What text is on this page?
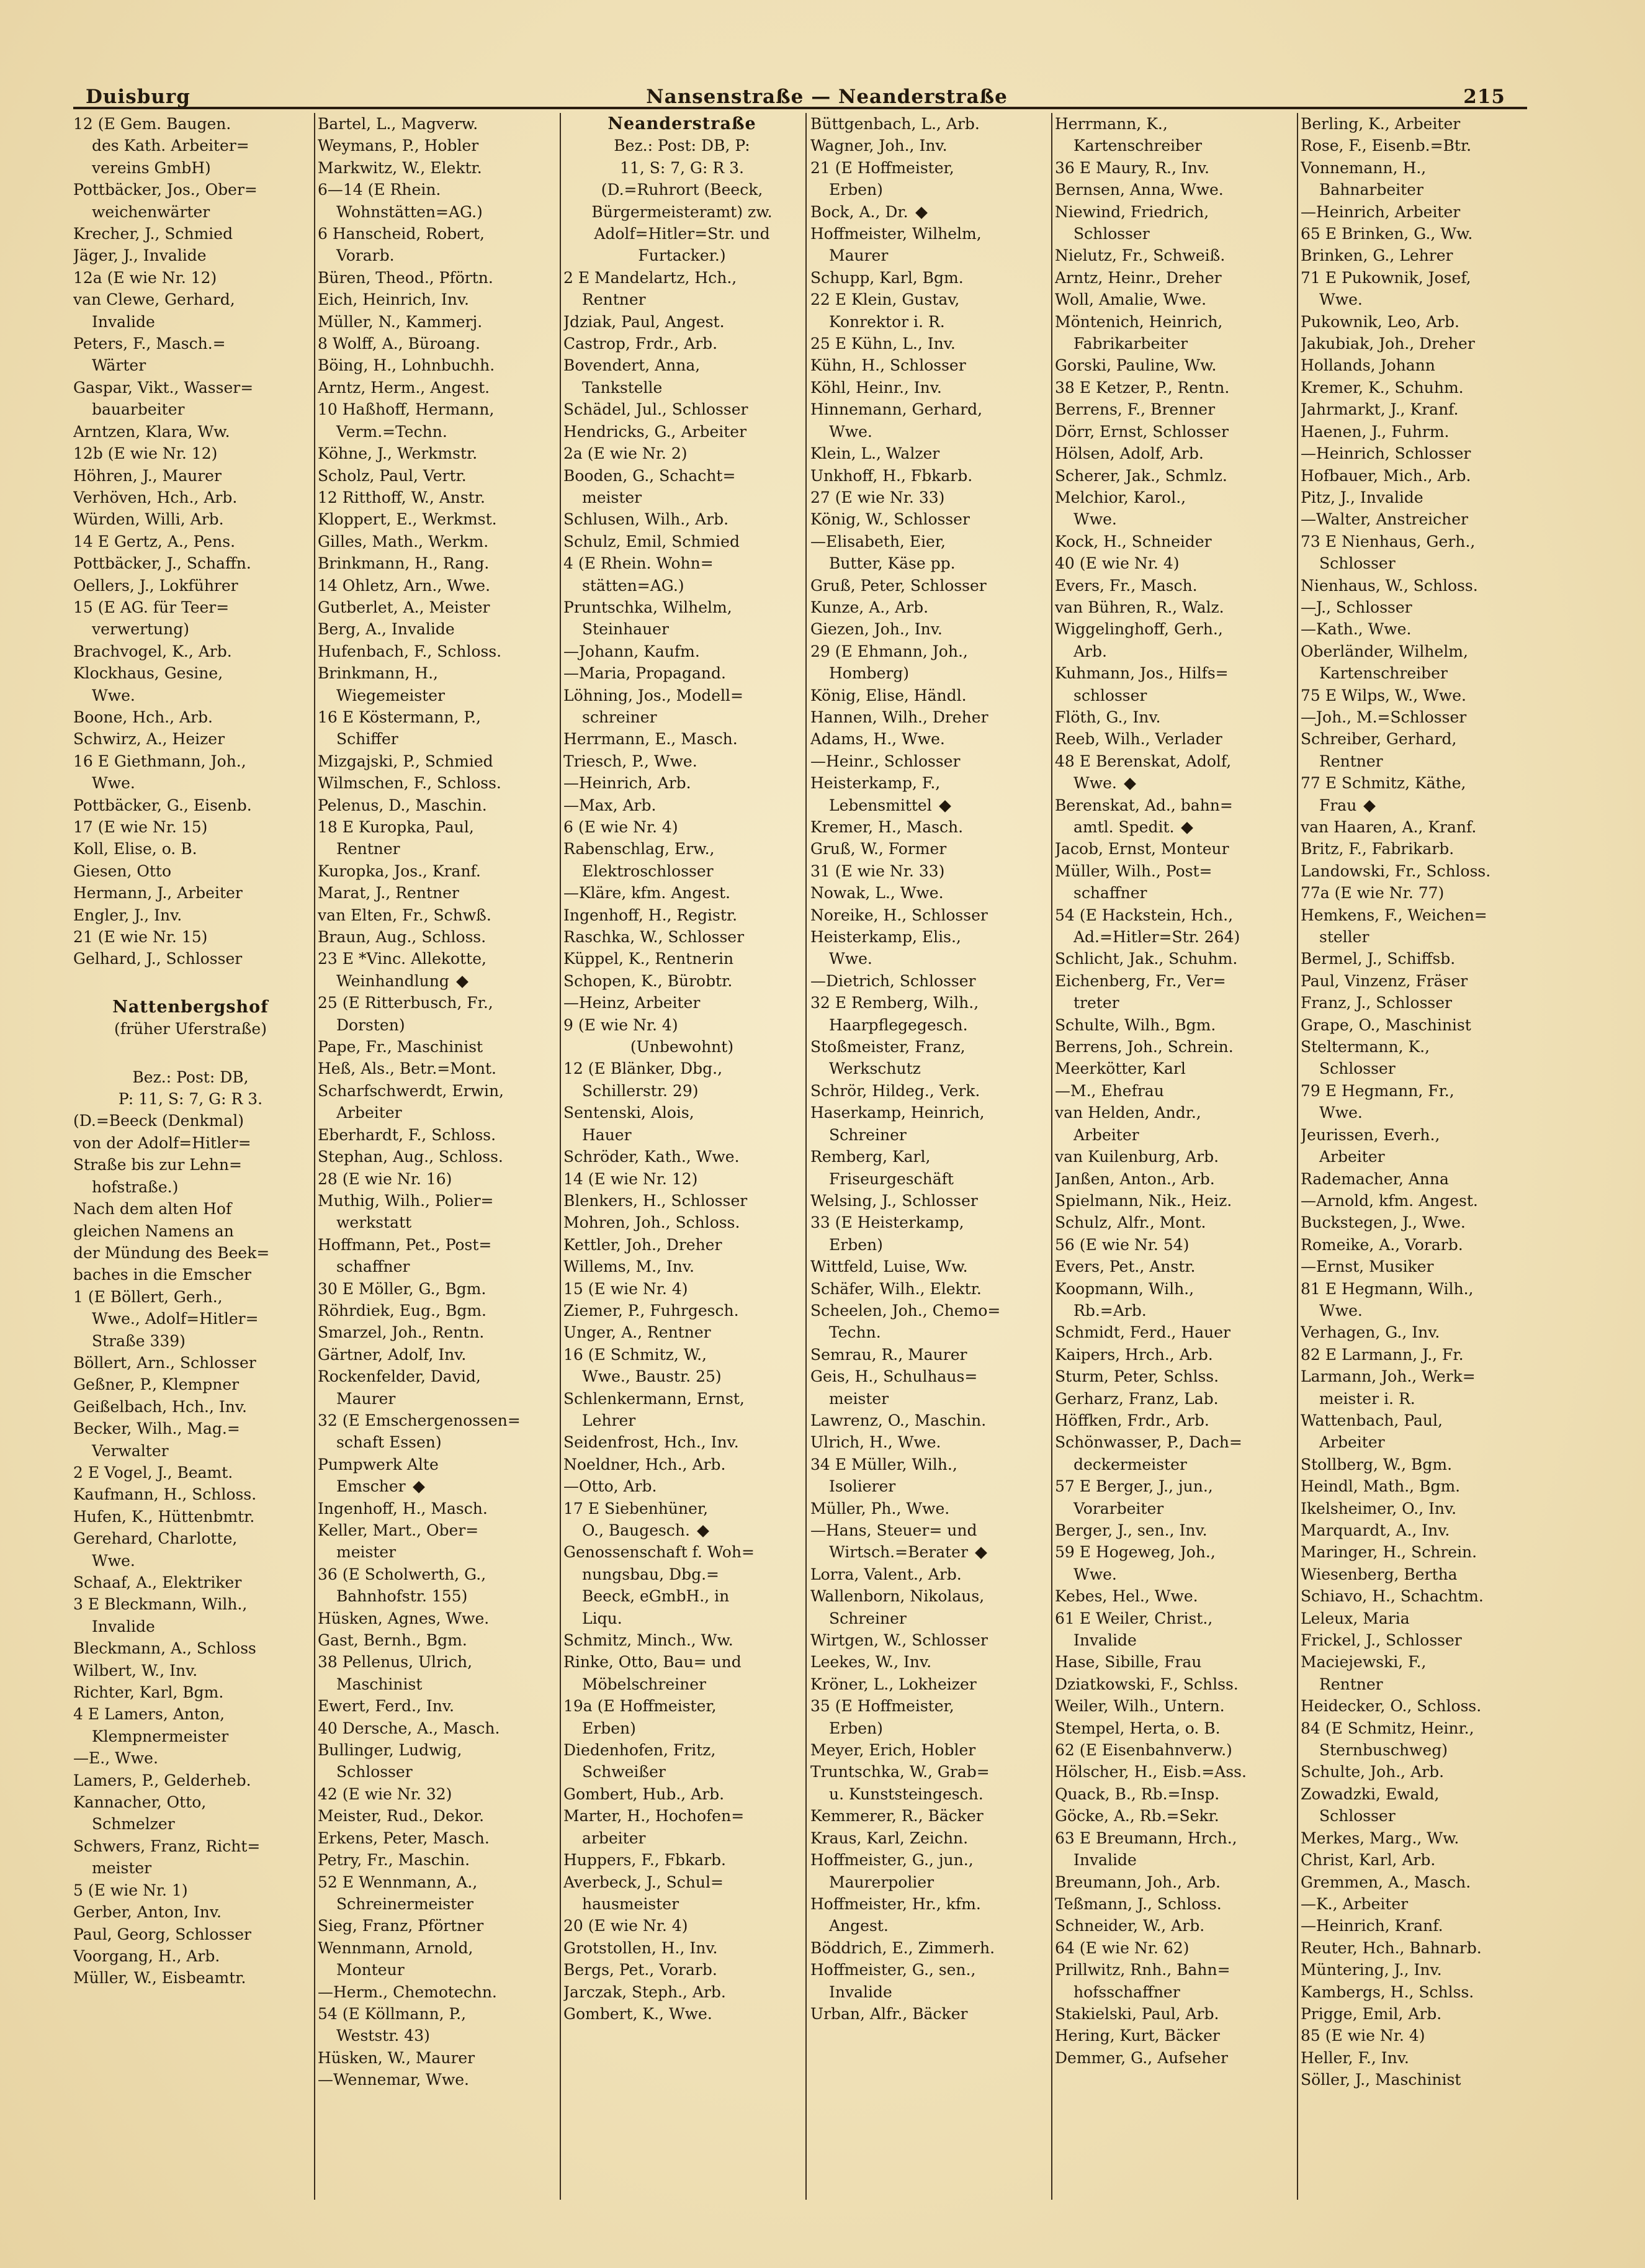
Duisburg	Nansenstraße — Neanderstraße	215
12 (E Gem. Baugen.
des Kath. Arbeiter=
vereins GmbH)
Pottbäcker, Jos., Ober=
weichenwärter
Krecher, J., Schmied
Jäger, J., Invalide
12a (E wie Nr. 12)
van Clewe, Gerhard,
Invalide
Peters, F., Masch.=
Wärter
Gaspar, Vikt., Wasser=
bauarbeiter
Arntzen, Klara, Ww.
12b (E wie Nr. 12)
Höhren, J., Maurer
Verhöven, Hch., Arb.
Würden, Willi, Arb.
14 E Gertz, A., Pens.
Pottbäcker, J., Schaffn.
Oellers, J., Lokführer
15 (E AG. für Teer=
verwertung)
Brachvogel, K., Arb.
Klockhaus, Gesine,
Wwe.
Boone, Hch., Arb.
Schwirz, A., Heizer
16 E Giethmann, Joh.,
Wwe.
Pottbäcker, G., Eisenb.
17 (E wie Nr. 15)
Koll, Elise, o. B.
Giesen, Otto
Hermann, J., Arbeiter
Engler, J., Inv.
21 (E wie Nr. 15)
Gelhard, J., Schlosser
Nattenbergshof
(früher Uferstraße)
Bez.: Post: DB,
P: 11, S: 7, G: R 3.
(D.=Beeck (Denkmal)
von der Adolf=Hitler=
Straße bis zur Lehn=
hofstraße.)
Nach dem alten Hof
gleichen Namens an
der Mündung des Beek=
baches in die Emscher
1 (E Böllert, Gerh.,
Wwe., Adolf=Hitler=
Straße 339)
Böllert, Arn., Schlosser
Geßner, P., Klempner
Geißelbach, Hch., Inv.
Becker, Wilh., Mag.=
Verwalter
2 E Vogel, J., Beamt.
Kaufmann, H., Schloss.
Hufen, K., Hüttenbmtr.
Gerehard, Charlotte,
Wwe.
Schaaf, A., Elektriker
3 E Bleckmann, Wilh.,
Invalide
Bleckmann, A., Schloss
Wilbert, W., Inv.
Richter, Karl, Bgm.
4 E Lamers, Anton,
Klempnermeister
—E., Wwe.
Lamers, P., Gelderheb.
Kannacher, Otto,
Schmelzer
Schwers, Franz, Richt=
meister
5 (E wie Nr. 1)
Gerber, Anton, Inv.
Paul, Georg, Schlosser
Voorgang, H., Arb.
Müller, W., Eisbeamtr.
Bartel, L., Magverw.
Weymans, P., Hobler
Markwitz, W., Elektr.
6—14 (E Rhein.
Wohnstätten=AG.)
6 Hanscheid, Robert,
Vorarb.
Büren, Theod., Pförtn.
Eich, Heinrich, Inv.
Müller, N., Kammerj.
8 Wolff, A., Büroang.
Böing, H., Lohnbuchh.
Arntz, Herm., Angest.
10 Haßhoff, Hermann,
Verm.=Techn.
Köhne, J., Werkmstr.
Scholz, Paul, Vertr.
12 Ritthoff, W., Anstr.
Kloppert, E., Werkmst.
Gilles, Math., Werkm.
Brinkmann, H., Rang.
14 Ohletz, Arn., Wwe.
Gutberlet, A., Meister
Berg, A., Invalide
Hufenbach, F., Schloss.
Brinkmann, H.,
Wiegemeister
16 E Köstermann, P.,
Schiffer
Mizgajski, P., Schmied
Wilmschen, F., Schloss.
Pelenus, D., Maschin.
18 E Kuropka, Paul,
Rentner
Kuropka, Jos., Kranf.
Marat, J., Rentner
van Elten, Fr., Schwß.
Braun, Aug., Schloss.
23 E *Vinc. Allekotte,
Weinhandlung
25 (E Ritterbusch, Fr.,
Dorsten)
Pape, Fr., Maschinist
Heß, Als., Betr.=Mont.
Scharfschwerdt, Erwin,
Arbeiter
Eberhardt, F., Schloss.
Stephan, Aug., Schloss.
28 (E wie Nr. 16)
Muthig, Wilh., Polier=
werkstatt
Hoffmann, Pet., Post=
schaffner
30 E Möller, G., Bgm.
Röhrdiek, Eug., Bgm.
Smarzel, Joh., Rentn.
Gärtner, Adolf, Inv.
Rockenfelder, David,
Maurer
32 (E Emschergenossen=
schaft Essen)
Pumpwerk Alte
Emscher
Ingenhoff, H., Masch.
Keller, Mart., Ober=
meister
36 (E Scholwerth, G.,
Bahnhofstr. 155)
Hüsken, Agnes, Wwe.
Gast, Bernh., Bgm.
38 Pellenus, Ulrich,
Maschinist
Ewert, Ferd., Inv.
40 Dersche, A., Masch.
Bullinger, Ludwig,
Schlosser
42 (E wie Nr. 32)
Meister, Rud., Dekor.
Erkens, Peter, Masch.
Petry, Fr., Maschin.
52 E Wennmann, A.,
Schreinermeister
Sieg, Franz, Pförtner
Wennmann, Arnold,
Monteur
—Herm., Chemotechn.
54 (E Köllmann, P.,
Weststr. 43)
Hüsken, W., Maurer
—Wennemar, Wwe.
Neanderstraße
Bez.: Post: DB, P:
11, S: 7, G: R 3.
(D.=Ruhrort (Beeck,
Bürgermeisteramt) zw.
Adolf=Hitler=Str. und
Furtacker.)
2 E Mandelartz, Hch.,
Rentner
Jdziak, Paul, Angest.
Castrop, Frdr., Arb.
Bovendert, Anna,
Tankstelle
Schädel, Jul., Schlosser
Hendricks, G., Arbeiter
2a (E wie Nr. 2)
Booden, G., Schacht=
meister
Schlusen, Wilh., Arb.
Schulz, Emil, Schmied
4 (E Rhein. Wohn=
stätten=AG.)
Pruntschka, Wilhelm,
Steinhauer
—Johann, Kaufm.
—Maria, Propagand.
Löhning, Jos., Modell=
schreiner
Herrmann, E., Masch.
Triesch, P., Wwe.
—Heinrich, Arb.
—Max, Arb.
6 (E wie Nr. 4)
Rabenschlag, Erw.,
Elektroschlosser
—Kläre, kfm. Angest.
Ingenhoff, H., Registr.
Raschka, W., Schlosser
Küppel, K., Rentnerin
Schopen, K., Bürobtr.
—Heinz, Arbeiter
9 (E wie Nr. 4)
(Unbewohnt)
12 (E Blänker, Dbg.,
Schillerstr. 29)
Sentenski, Alois,
Hauer
Schröder, Kath., Wwe.
14 (E wie Nr. 12)
Blenkers, H., Schlosser
Mohren, Joh., Schloss.
Kettler, Joh., Dreher
Willems, M., Inv.
15 (E wie Nr. 4)
Ziemer, P., Fuhrgesch.
Unger, A., Rentner
16 (E Schmitz, W.,
Wwe., Baustr. 25)
Schlenkermann, Ernst,
Lehrer
Seidenfrost, Hch., Inv.
Noeldner, Hch., Arb.
—Otto, Arb.
17 E Siebenhüner,
O., Baugesch.
Genossenschaft f. Woh=
nungsbau, Dbg.=
Beeck, eGmbH., in
Liqu.
Schmitz, Minch., Ww.
Rinke, Otto, Bau= und
Möbelschreiner
19a (E Hoffmeister,
Erben)
Diedenhofen, Fritz,
Schweißer
Gombert, Hub., Arb.
Marter, H., Hochofen=
arbeiter
Huppers, F., Fbkarb.
Averbeck, J., Schul=
hausmeister
20 (E wie Nr. 4)
Grotstollen, H., Inv.
Bergs, Pet., Vorarb.
Jarczak, Steph., Arb.
Gombert, K., Wwe.
Büttgenbach, L., Arb.
Wagner, Joh., Inv.
21 (E Hoffmeister,
Erben)
Bock, A., Dr.
Hoffmeister, Wilhelm,
Maurer
Schupp, Karl, Bgm.
22 E Klein, Gustav,
Konrektor i. R.
25 E Kühn, L., Inv.
Kühn, H., Schlosser
Köhl, Heinr., Inv.
Hinnemann, Gerhard,
Wwe.
Klein, L., Walzer
Unkhoff, H., Fbkarb.
27 (E wie Nr. 33)
König, W., Schlosser
—Elisabeth, Eier,
Butter, Käse pp.
Gruß, Peter, Schlosser
Kunze, A., Arb.
Giezen, Joh., Inv.
29 (E Ehmann, Joh.,
Homberg)
König, Elise, Händl.
Hannen, Wilh., Dreher
Adams, H., Wwe.
—Heinr., Schlosser
Heisterkamp, F.,
Lebensmittel
Kremer, H., Masch.
Gruß, W., Former
31 (E wie Nr. 33)
Nowak, L., Wwe.
Noreike, H., Schlosser
Heisterkamp, Elis.,
Wwe.
—Dietrich, Schlosser
32 E Remberg, Wilh.,
Haarpflegegesch.
Stoßmeister, Franz,
Werkschutz
Schrör, Hildeg., Verk.
Haserkamp, Heinrich,
Schreiner
Remberg, Karl,
Friseurgeschäft
Welsing, J., Schlosser
33 (E Heisterkamp,
Erben)
Wittfeld, Luise, Ww.
Schäfer, Wilh., Elektr.
Scheelen, Joh., Chemo=
Techn.
Semrau, R., Maurer
Geis, H., Schulhaus=
meister
Lawrenz, O., Maschin.
Ulrich, H., Wwe.
34 E Müller, Wilh.,
Isolierer
Müller, Ph., Wwe.
—Hans, Steuer= und
Wirtsch.=Berater
Lorra, Valent., Arb.
Wallenborn, Nikolaus,
Schreiner
Wirtgen, W., Schlosser
Leekes, W., Inv.
Kröner, L., Lokheizer
35 (E Hoffmeister,
Erben)
Meyer, Erich, Hobler
Truntschka, W., Grab=
u. Kunststeingesch.
Kemmerer, R., Bäcker
Kraus, Karl, Zeichn.
Hoffmeister, G., jun.,
Maurerpolier
Hoffmeister, Hr., kfm.
Angest.
Böddrich, E., Zimmerh.
Hoffmeister, G., sen.,
Invalide
Urban, Alfr., Bäcker
Herrmann, K.,
Kartenschreiber
36 E Maury, R., Inv.
Bernsen, Anna, Wwe.
Niewind, Friedrich,
Schlosser
Nielutz, Fr., Schweiß.
Arntz, Heinr., Dreher
Woll, Amalie, Wwe.
Möntenich, Heinrich,
Fabrikarbeiter
Gorski, Pauline, Ww.
38 E Ketzer, P., Rentn.
Berrens, F., Brenner
Dörr, Ernst, Schlosser
Hölsen, Adolf, Arb.
Scherer, Jak., Schmlz.
Melchior, Karol.,
Wwe.
Kock, H., Schneider
40 (E wie Nr. 4)
Evers, Fr., Masch.
van Bühren, R., Walz.
Wiggelinghoff, Gerh.,
Arb.
Kuhmann, Jos., Hilfs=
schlosser
Flöth, G., Inv.
Reeb, Wilh., Verlader
48 E Berenskat, Adolf,
Wwe.
Berenskat, Ad., bahn=
amtl. Spedit.
Jacob, Ernst, Monteur
Müller, Wilh., Post=
schaffner
54 (E Hackstein, Hch.,
Ad.=Hitler=Str. 264)
Schlicht, Jak., Schuhm.
Eichenberg, Fr., Ver=
treter
Schulte, Wilh., Bgm.
Berrens, Joh., Schrein.
Meerkötter, Karl
—M., Ehefrau
van Helden, Andr.,
Arbeiter
van Kuilenburg, Arb.
Janßen, Anton., Arb.
Spielmann, Nik., Heiz.
Schulz, Alfr., Mont.
56 (E wie Nr. 54)
Evers, Pet., Anstr.
Koopmann, Wilh.,
Rb.=Arb.
Schmidt, Ferd., Hauer
Kaipers, Hrch., Arb.
Sturm, Peter, Schlss.
Gerharz, Franz, Lab.
Höffken, Frdr., Arb.
Schönwasser, P., Dach=
deckermeister
57 E Berger, J., jun.,
Vorarbeiter
Berger, J., sen., Inv.
59 E Hogeweg, Joh.,
Wwe.
Kebes, Hel., Wwe.
61 E Weiler, Christ.,
Invalide
Hase, Sibille, Frau
Dziatkowski, F., Schlss.
Weiler, Wilh., Untern.
Stempel, Herta, o. B.
62 (E Eisenbahnverw.)
Hölscher, H., Eisb.=Ass.
Quack, B., Rb.=Insp.
Göcke, A., Rb.=Sekr.
63 E Breumann, Hrch.,
Invalide
Breumann, Joh., Arb.
Teßmann, J., Schloss.
Schneider, W., Arb.
64 (E wie Nr. 62)
Prillwitz, Rnh., Bahn=
hofsschaffner
Stakielski, Paul, Arb.
Hering, Kurt, Bäcker
Demmer, G., Aufseher
Berling, K., Arbeiter
Rose, F., Eisenb.=Btr.
Vonnemann, H.,
Bahnarbeiter
—Heinrich, Arbeiter
65 E Brinken, G., Ww.
Brinken, G., Lehrer
71 E Pukownik, Josef,
Wwe.
Pukownik, Leo, Arb.
Jakubiak, Joh., Dreher
Hollands, Johann
Kremer, K., Schuhm.
Jahrmarkt, J., Kranf.
Haenen, J., Fuhrm.
—Heinrich, Schlosser
Hofbauer, Mich., Arb.
Pitz, J., Invalide
—Walter, Anstreicher
73 E Nienhaus, Gerh.,
Schlosser
Nienhaus, W., Schloss.
—J., Schlosser
—Kath., Wwe.
Oberländer, Wilhelm,
Kartenschreiber
75 E Wilps, W., Wwe.
—Joh., M.=Schlosser
Schreiber, Gerhard,
Rentner
77 E Schmitz, Käthe,
Frau
van Haaren, A., Kranf.
Britz, F., Fabrikarb.
Landowski, Fr., Schloss.
77a (E wie Nr. 77)
Hemkens, F., Weichen=
steller
Bermel, J., Schiffsb.
Paul, Vinzenz, Fräser
Franz, J., Schlosser
Grape, O., Maschinist
Steltermann, K.,
Schlosser
79 E Hegmann, Fr.,
Wwe.
Jeurissen, Everh.,
Arbeiter
Rademacher, Anna
—Arnold, kfm. Angest.
Buckstegen, J., Wwe.
Romeike, A., Vorarb.
—Ernst, Musiker
81 E Hegmann, Wilh.,
Wwe.
Verhagen, G., Inv.
82 E Larmann, J., Fr.
Larmann, Joh., Werk=
meister i. R.
Wattenbach, Paul,
Arbeiter
Stollberg, W., Bgm.
Heindl, Math., Bgm.
Ikelsheimer, O., Inv.
Marquardt, A., Inv.
Maringer, H., Schrein.
Wiesenberg, Bertha
Schiavo, H., Schachtm.
Leleux, Maria
Frickel, J., Schlosser
Maciejewski, F.,
Rentner
Heidecker, O., Schloss.
84 (E Schmitz, Heinr.,
Sternbuschweg)
Schulte, Joh., Arb.
Zowadzki, Ewald,
Schlosser
Merkes, Marg., Ww.
Christ, Karl, Arb.
Gremmen, A., Masch.
—K., Arbeiter
—Heinrich, Kranf.
Reuter, Hch., Bahnarb.
Müntering, J., Inv.
Kambergs, H., Schlss.
Prigge, Emil, Arb.
85 (E wie Nr. 4)
Heller, F., Inv.
Söller, J., Maschinist
